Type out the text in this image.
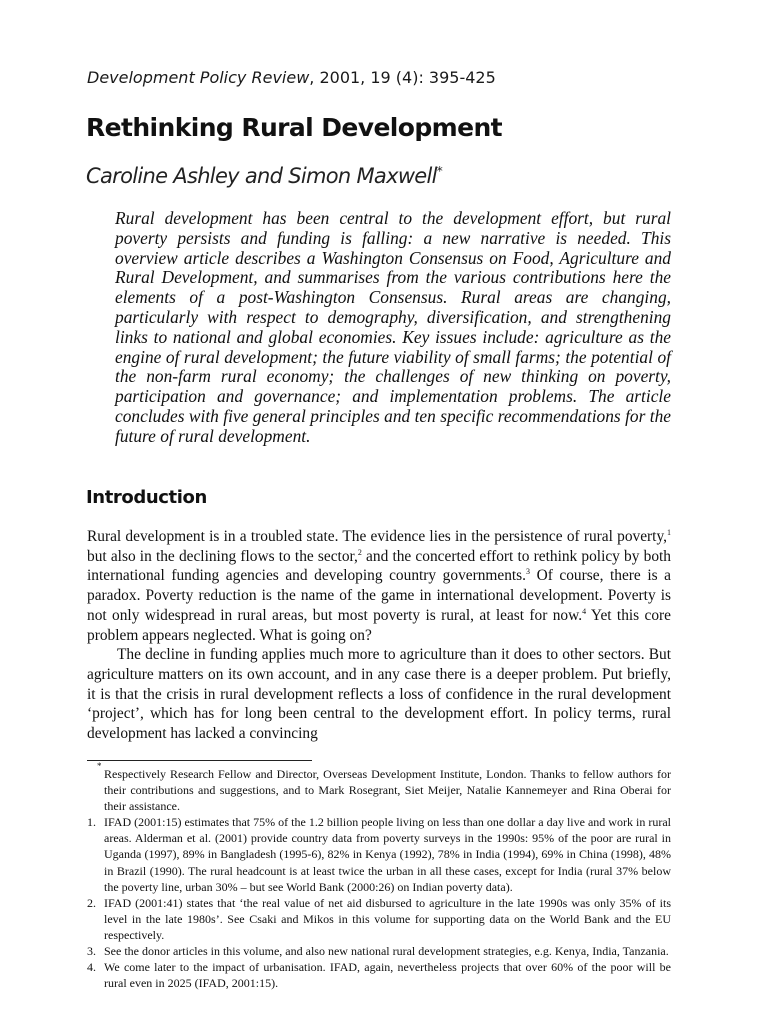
Development Policy Review, 2001, 19 (4): 395-425
Rethinking Rural Development
Caroline Ashley and Simon Maxwell*

Rural development has been central to the development effort, but rural poverty persists and funding is falling: a new narrative is needed. This overview article describes a Washington Consensus on Food, Agriculture and Rural Development, and summarises from the various contributions here the elements of a post-Washington Consensus. Rural areas are changing, particularly with respect to demography, diversification, and strengthening links to national and global economies. Key issues include: agriculture as the engine of rural development; the future viability of small farms; the potential of the non-farm rural economy; the challenges of new thinking on poverty, participation and governance; and implementation problems. The article concludes with five general principles and ten specific recommendations for the future of rural development.

Introduction

Rural development is in a troubled state. The evidence lies in the persistence of rural poverty,$^1$ but also in the declining flows to the sector,$^2$ and the concerted effort to rethink policy by both international funding agencies and developing country governments.$^3$ Of course, there is a paradox. Poverty reduction is the name of the game in international development. Poverty is not only widespread in rural areas, but most poverty is rural, at least for now.$^4$ Yet this core problem appears neglected. What is going on?

The decline in funding applies much more to agriculture than it does to other sectors. But agriculture matters on its own account, and in any case there is a deeper problem. Put briefly, it is that the crisis in rural development reflects a loss of confidence in the rural development ‘project’, which has for long been central to the development effort. In policy terms, rural development has lacked a convincing

*
Respectively Research Fellow and Director, Overseas Development Institute, London. Thanks to fellow authors for their contributions and suggestions, and to Mark Rosegrant, Siet Meijer, Natalie Kannemeyer and Rina Oberai for their assistance.
1. IFAD (2001:15) estimates that 75% of the 1.2 billion people living on less than one dollar a day live and work in rural areas. Alderman et al. (2001) provide country data from poverty surveys in the 1990s: 95% of the poor are rural in Uganda (1997), 89% in Bangladesh (1995-6), 82% in Kenya (1992), 78% in India (1994), 69% in China (1998), 48% in Brazil (1990). The rural headcount is at least twice the urban in all these cases, except for India (rural 37% below the poverty line, urban 30% – but see World Bank (2000:26) on Indian poverty data).
2. IFAD (2001:41) states that ‘the real value of net aid disbursed to agriculture in the late 1990s was only 35% of its level in the late 1980s’. See Csaki and Mikos in this volume for supporting data on the World Bank and the EU respectively.
3. See the donor articles in this volume, and also new national rural development strategies, e.g. Kenya, India, Tanzania.
4. We come later to the impact of urbanisation. IFAD, again, nevertheless projects that over 60% of the poor will be rural even in 2025 (IFAD, 2001:15).
